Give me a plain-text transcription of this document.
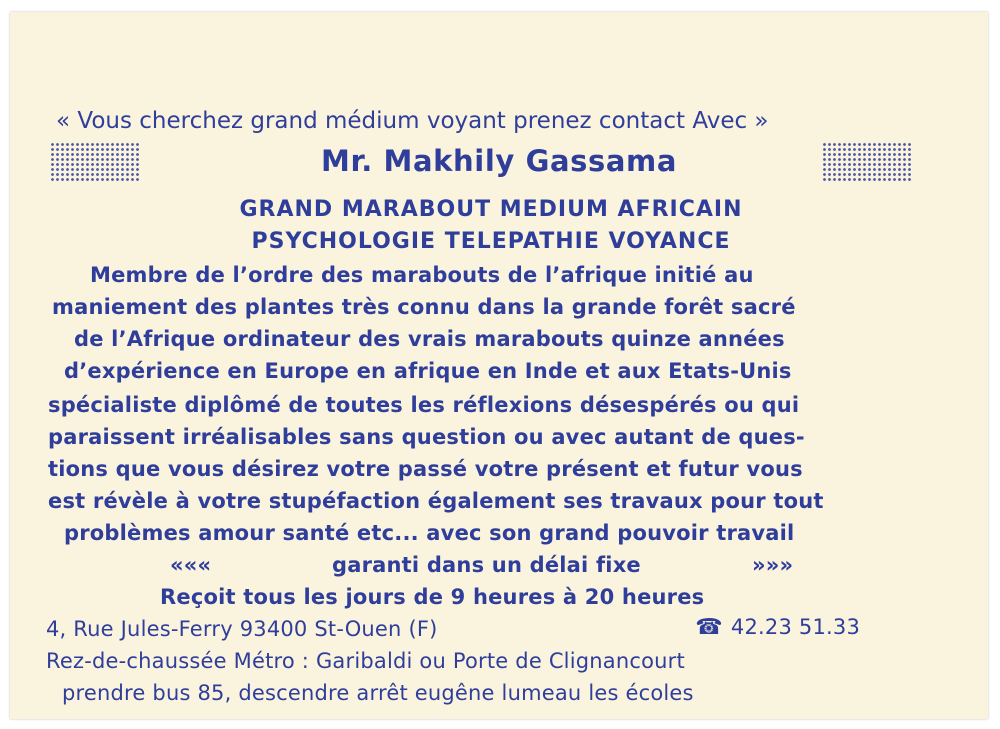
« Vous cherchez grand médium voyant prenez contact Avec »
Mr. Makhily Gassama
GRAND MARABOUT MEDIUM AFRICAIN
PSYCHOLOGIE TELEPATHIE VOYANCE
Membre de l’ordre des marabouts de l’afrique initié au
maniement des plantes très connu dans la grande forêt sacré
de l’Afrique ordinateur des vrais marabouts quinze années
d’expérience en Europe en afrique en Inde et aux Etats-Unis
spécialiste diplômé de toutes les réflexions désespérés ou qui
paraissent irréalisables sans question ou avec autant de ques-
tions que vous désirez votre passé votre présent et futur vous
est révèle à votre stupéfaction également ses travaux pour tout
problèmes amour santé etc... avec son grand pouvoir travail
«««	garanti dans un délai fixe	»»»
Reçoit tous les jours de 9 heures à 20 heures
4, Rue Jules-Ferry 93400 St-Ouen (F)	☎ 42.23 51.33
Rez-de-chaussée Métro : Garibaldi ou Porte de Clignancourt
prendre bus 85, descendre arrêt eugêne lumeau les écoles
